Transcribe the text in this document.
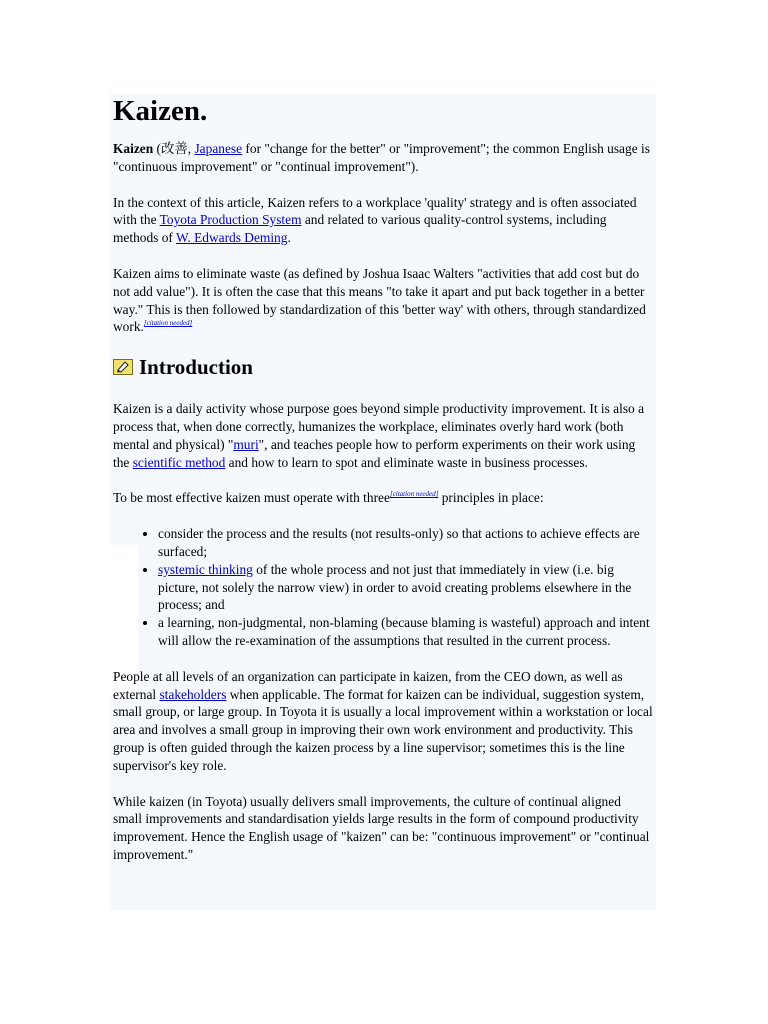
Kaizen.

Kaizen (改善, Japanese for "change for the better" or "improvement"; the common English usage is "continuous improvement" or "continual improvement").

In the context of this article, Kaizen refers to a workplace 'quality' strategy and is often associated with the Toyota Production System and related to various quality-control systems, including methods of W. Edwards Deming.

Kaizen aims to eliminate waste (as defined by Joshua Isaac Walters "activities that add cost but do not add value"). It is often the case that this means "to take it apart and put back together in a better way." This is then followed by standardization of this 'better way' with others, through standardized work.[citation needed]

Introduction

Kaizen is a daily activity whose purpose goes beyond simple productivity improvement. It is also a process that, when done correctly, humanizes the workplace, eliminates overly hard work (both mental and physical) "muri", and teaches people how to perform experiments on their work using the scientific method and how to learn to spot and eliminate waste in business processes.

To be most effective kaizen must operate with three[citation needed] principles in place:

• consider the process and the results (not results-only) so that actions to achieve effects are surfaced;
• systemic thinking of the whole process and not just that immediately in view (i.e. big picture, not solely the narrow view) in order to avoid creating problems elsewhere in the process; and
• a learning, non-judgmental, non-blaming (because blaming is wasteful) approach and intent will allow the re-examination of the assumptions that resulted in the current process.

People at all levels of an organization can participate in kaizen, from the CEO down, as well as external stakeholders when applicable. The format for kaizen can be individual, suggestion system, small group, or large group. In Toyota it is usually a local improvement within a workstation or local area and involves a small group in improving their own work environment and productivity. This group is often guided through the kaizen process by a line supervisor; sometimes this is the line supervisor's key role.

While kaizen (in Toyota) usually delivers small improvements, the culture of continual aligned small improvements and standardisation yields large results in the form of compound productivity improvement. Hence the English usage of "kaizen" can be: "continuous improvement" or "continual improvement."
